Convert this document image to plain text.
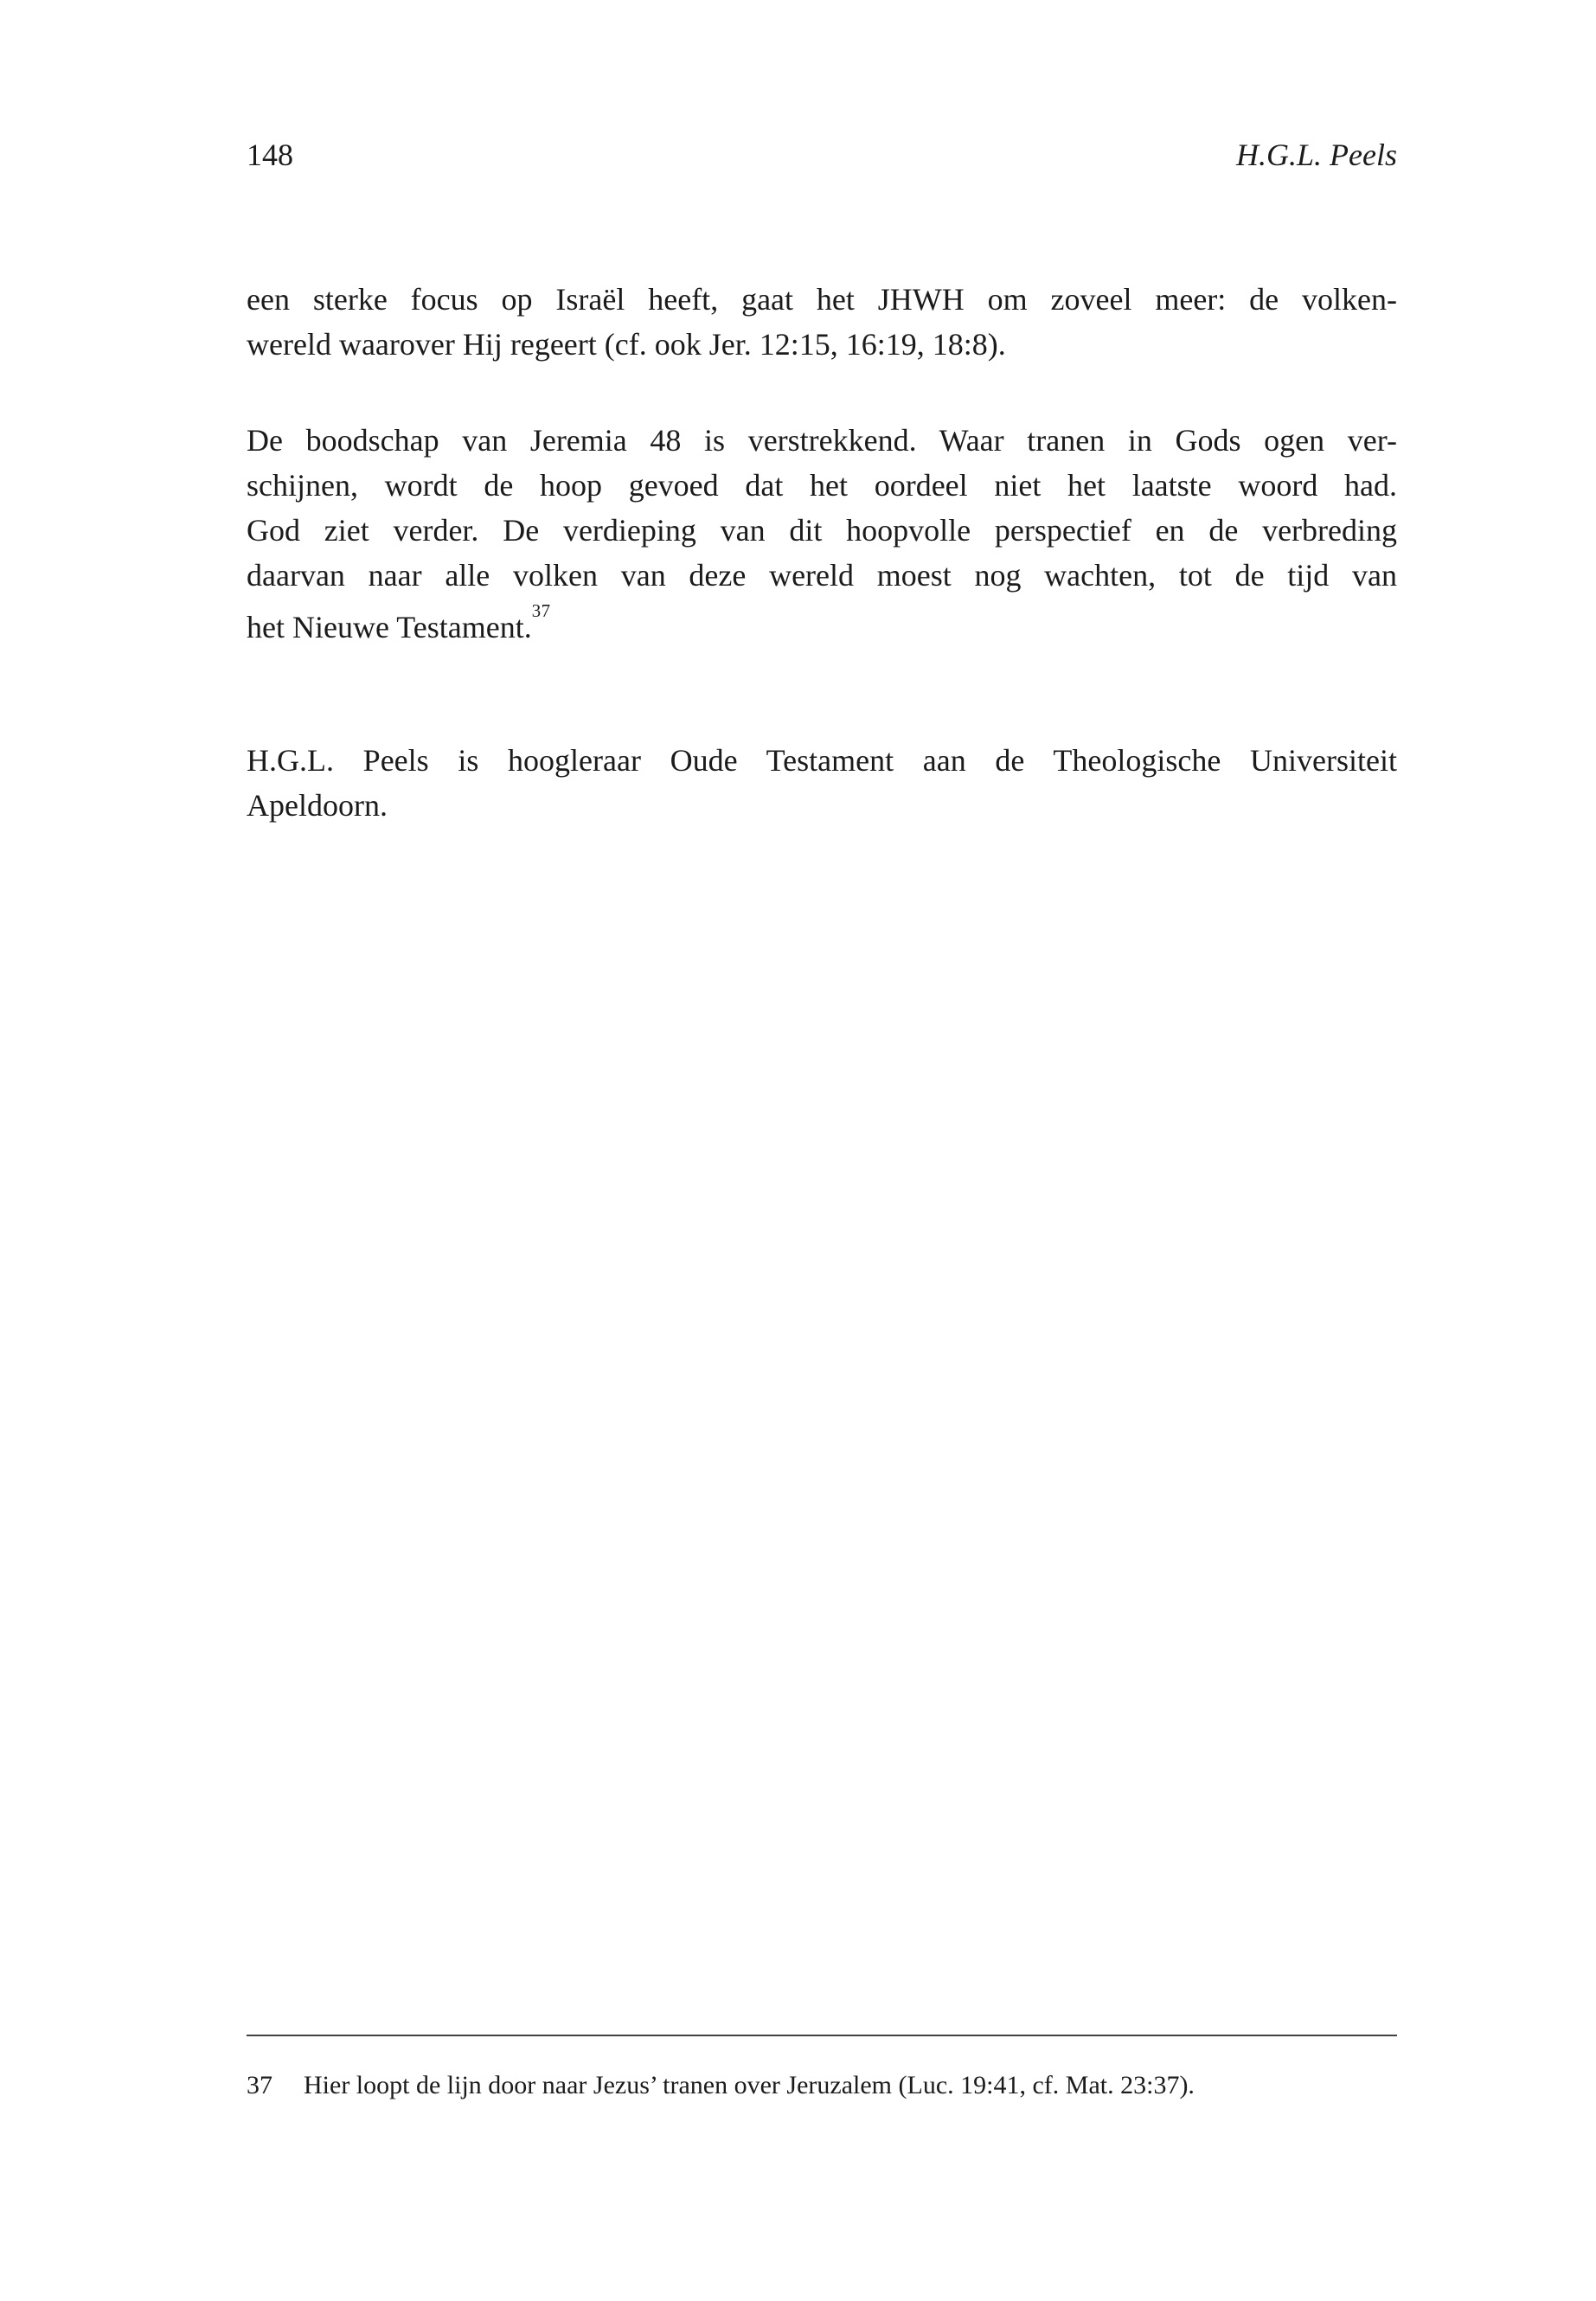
148	H.G.L. Peels
een sterke focus op Israël heeft, gaat het JHWH om zoveel meer: de volken-
wereld waarover Hij regeert (cf. ook Jer. 12:15, 16:19, 18:8).
De boodschap van Jeremia 48 is verstrekkend. Waar tranen in Gods ogen ver-
schijnen, wordt de hoop gevoed dat het oordeel niet het laatste woord had.
God ziet verder. De verdieping van dit hoopvolle perspectief en de verbreding
daarvan naar alle volken van deze wereld moest nog wachten, tot de tijd van
het Nieuwe Testament.$^{37}$
H.G.L. Peels is hoogleraar Oude Testament aan de Theologische Universiteit
Apeldoorn.
37	Hier loopt de lijn door naar Jezus’ tranen over Jeruzalem (Luc. 19:41, cf. Mat. 23:37).
